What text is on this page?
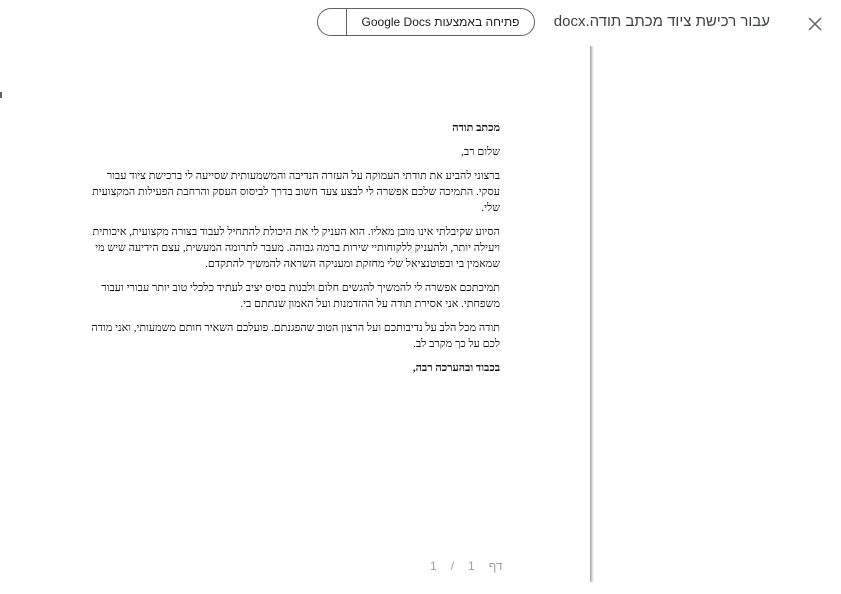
עבור רכישת ציוד מכתב תודה.docx
פתיחה באמצעות Google Docs

מכתב תודה

שלום רב,

ברצוני להביע את תודתי העמוקה על העזרה הנדיבה והמשמעותית שסייעה לי ברכישת ציוד עבור עסקי. התמיכה שלכם אפשרה לי לבצע צעד חשוב בדרך לביסוס העסק והרחבת הפעילות המקצועית שלי.

הסיוע שקיבלתי אינו מובן מאליו. הוא העניק לי את היכולת להתחיל לעבוד בצורה מקצועית, איכותית ויעילה יותר, ולהעניק ללקוחותיי שירות ברמה גבוהה. מעבר לתרומה המעשית, עצם הידיעה שיש מי שמאמין בי ובפוטנציאל שלי מחזקת ומעניקה השראה להמשיך להתקדם.

תמיכתכם אפשרה לי להמשיך להגשים חלום ולבנות בסיס יציב לעתיד כלכלי טוב יותר עבורי ועבור משפחתי. אני אסירת תודה על ההזדמנות ועל האמון שנתתם בי.

תודה מכל הלב על נדיבותכם ועל הרצון הטוב שהפגנתם. פועלכם השאיר חותם משמעותי, ואני מודה לכם על כך מקרב לב.

בכבוד ובהערכה רבה,

1 / 1 דף
